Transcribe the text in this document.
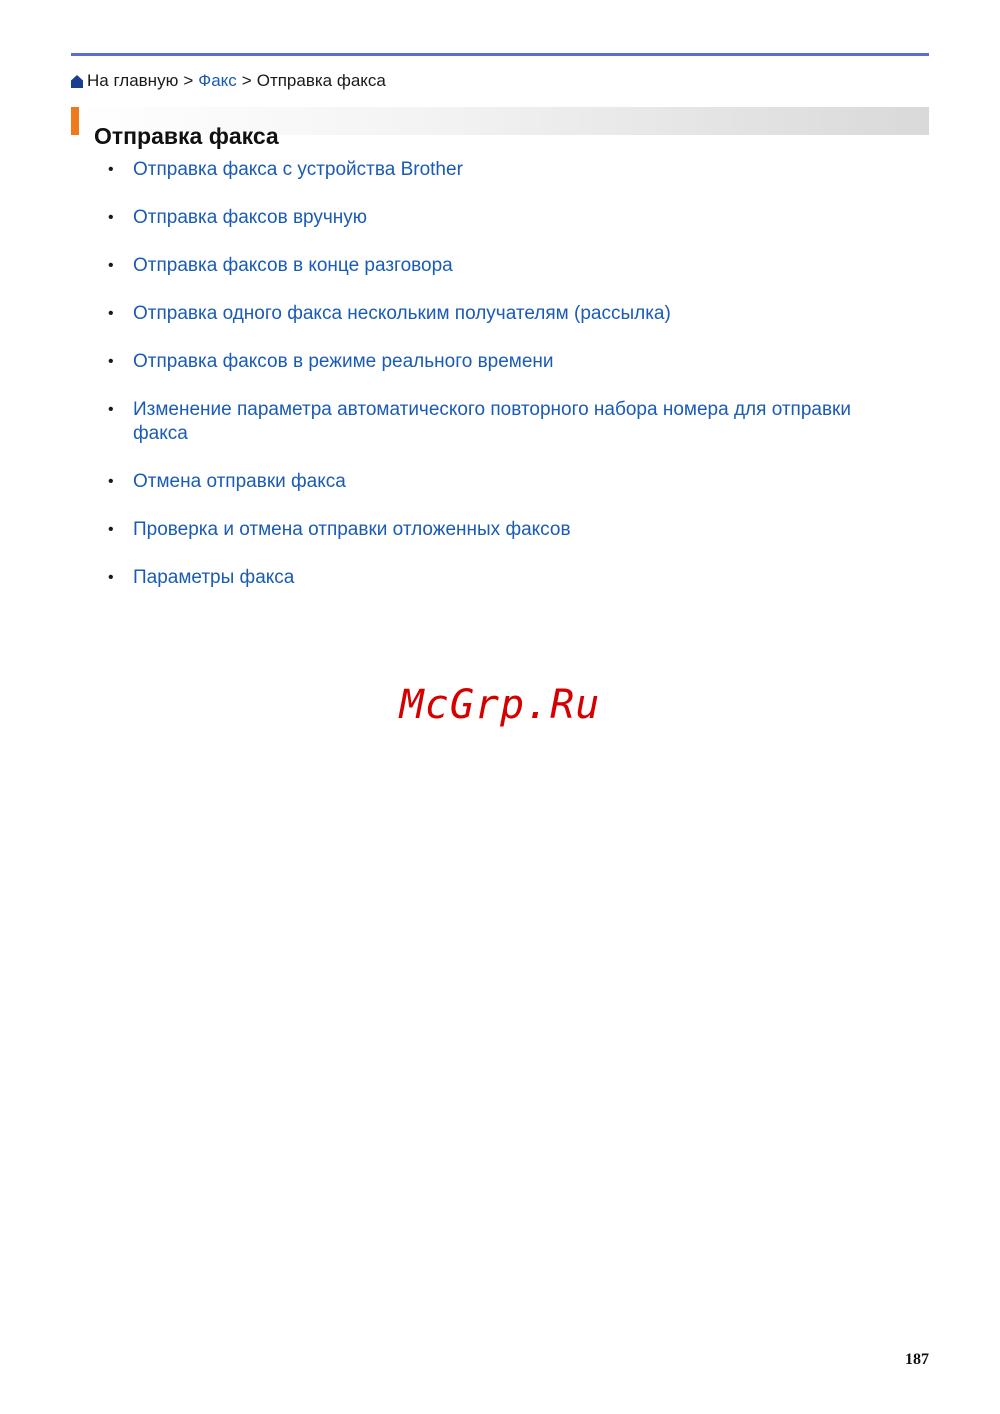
На главную > Факс > Отправка факса
Отправка факса
• Отправка факса с устройства Brother
• Отправка факсов вручную
• Отправка факсов в конце разговора
• Отправка одного факса нескольким получателям (рассылка)
• Отправка факсов в режиме реального времени
• Изменение параметра автоматического повторного набора номера для отправки факса
• Отмена отправки факса
• Проверка и отмена отправки отложенных факсов
• Параметры факса
McGrp.Ru
187
